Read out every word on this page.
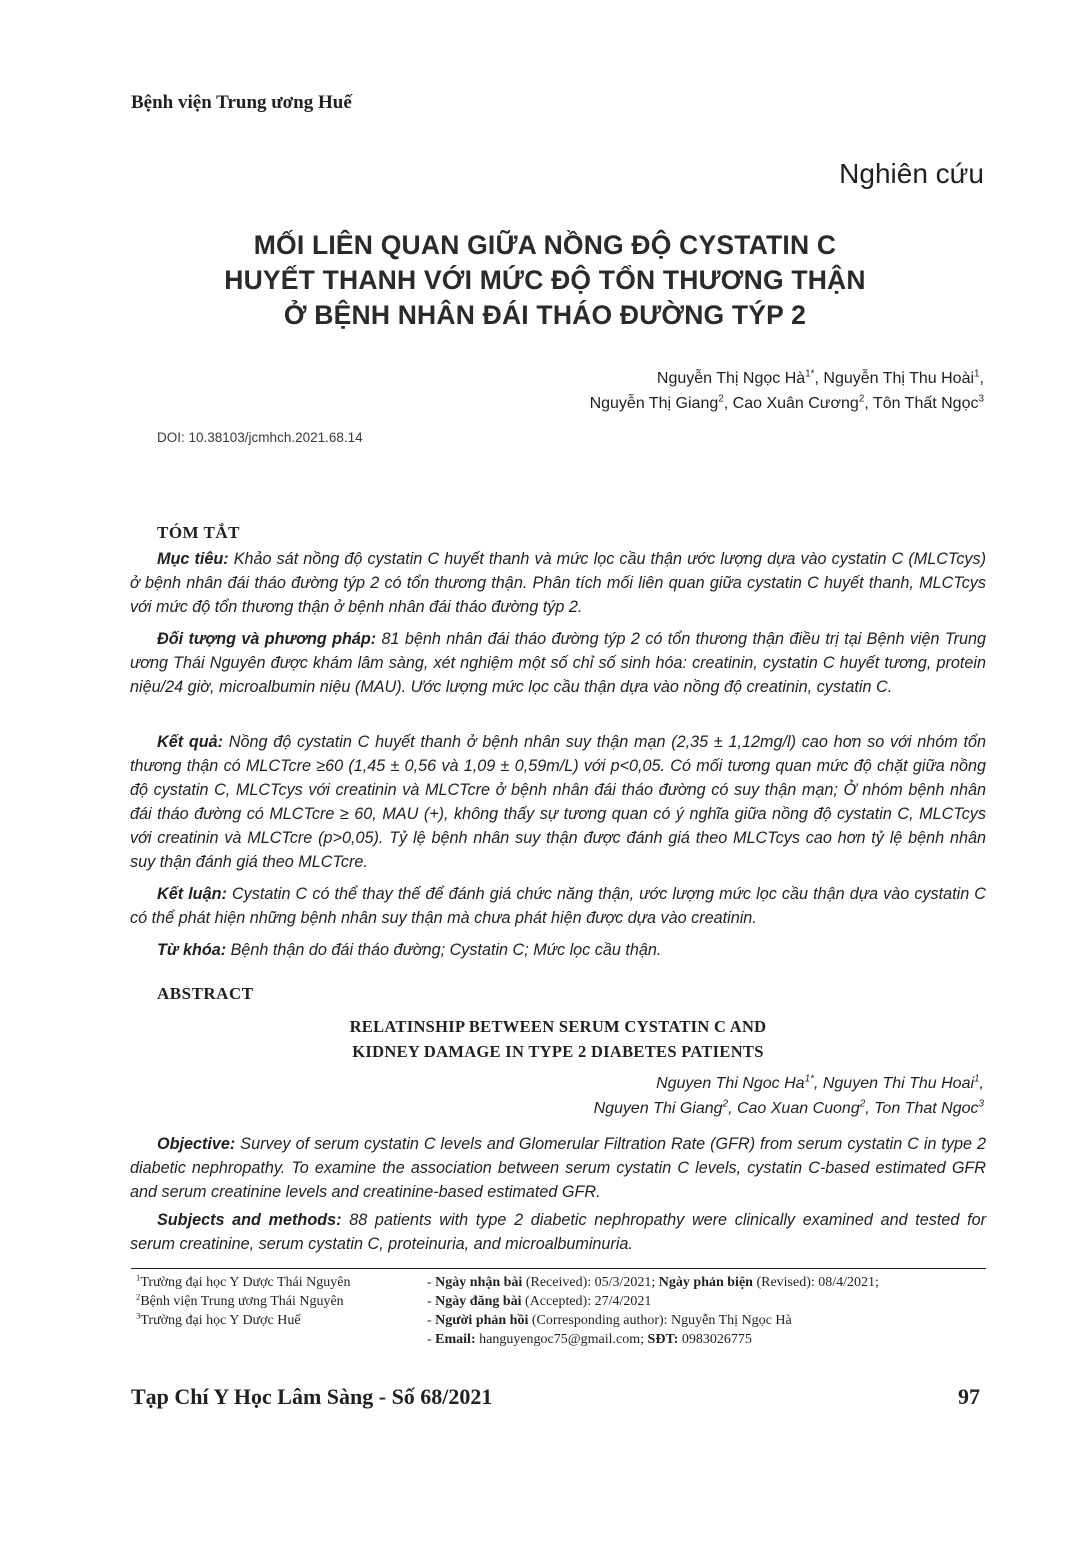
Bệnh viện Trung ương Huế
Nghiên cứu
MỐI LIÊN QUAN GIỮA NỒNG ĐỘ CYSTATIN C
HUYẾT THANH VỚI MỨC ĐỘ TỔN THƯƠNG THẬN
Ở BỆNH NHÂN ĐÁI THÁO ĐƯỜNG TÝP 2
Nguyễn Thị Ngọc $Hà^{1*}$, Nguyễn Thị Thu Hoài$^1$,
Nguyễn Thị Giang$^2$, Cao Xuân Cương$^2$, Tôn Thất Ngọc$^3$
DOI: 10.38103/jcmhch.2021.68.14
TÓM TẮT
Mục tiêu: Khảo sát nồng độ cystatin C huyết thanh và mức lọc cầu thận ước lượng dựa vào cystatin C (MLCTcys) ở bệnh nhân đái tháo đường týp 2 có tổn thương thận. Phân tích mối liên quan giữa cystatin C huyết thanh, MLCTcys với mức độ tổn thương thận ở bệnh nhân đái tháo đường týp 2.
Đối tượng và phương pháp: 81 bệnh nhân đái tháo đường týp 2 có tổn thương thận điều trị tại Bệnh viện Trung ương Thái Nguyên được khám lâm sàng, xét nghiệm một số chỉ số sinh hóa: creatinin, cystatin C huyết tương, protein niệu/24 giờ, microalbumin niệu (MAU). Ước lượng mức lọc cầu thận dựa vào nồng độ creatinin, cystatin C.
Kết quả: Nồng độ cystatin C huyết thanh ở bệnh nhân suy thận mạn (2,35 ± 1,12mg/l) cao hơn so với nhóm tổn thương thận có MLCTcre ≥60 (1,45 ± 0,56 và 1,09 ± 0,59m/L) với p<0,05. Có mối tương quan mức độ chặt giữa nồng độ cystatin C, MLCTcys với creatinin và MLCTcre ở bệnh nhân đái tháo đường có suy thận mạn; Ở nhóm bệnh nhân đái tháo đường có MLCTcre ≥ 60, MAU (+), không thấy sự tương quan có ý nghĩa giữa nồng độ cystatin C, MLCTcys với creatinin và MLCTcre (p>0,05). Tỷ lệ bệnh nhân suy thận được đánh giá theo MLCTcys cao hơn tỷ lệ bệnh nhân suy thận đánh giá theo MLCTcre.
Kết luận: Cystatin C có thể thay thế để đánh giá chức năng thận, ước lượng mức lọc cầu thận dựa vào cystatin C có thể phát hiện những bệnh nhân suy thận mà chưa phát hiện được dựa vào creatinin.
Từ khóa: Bệnh thận do đái tháo đường; Cystatin C; Mức lọc cầu thận.
ABSTRACT
RELATINSHIP BETWEEN SERUM CYSTATIN C AND
KIDNEY DAMAGE IN TYPE 2 DIABETES PATIENTS
Nguyen Thi Ngoc $Ha^{1*}$, Nguyen Thi Thu Hoai$^1$,
Nguyen Thi Giang$^2$, Cao Xuan Cuong$^2$, Ton That Ngoc$^3$
Objective: Survey of serum cystatin C levels and Glomerular Filtration Rate (GFR) from serum cystatin C in type 2 diabetic nephropathy. To examine the association between serum cystatin C levels, cystatin C-based estimated GFR and serum creatinine levels and creatinine-based estimated GFR.
Subjects and methods: 88 patients with type 2 diabetic nephropathy were clinically examined and tested for serum creatinine, serum cystatin C, proteinuria, and microalbuminuria.
$^1$Trường đại học Y Dược Thái Nguyên
$^2$Bệnh viện Trung ương Thái Nguyên
$^3$Trường đại học Y Dược Huế
- Ngày nhận bài (Received): 05/3/2021; Ngày phản biện (Revised): 08/4/2021;
- Ngày đăng bài (Accepted): 27/4/2021
- Người phản hồi (Corresponding author): Nguyễn Thị Ngọc Hà
- Email: hanguyengoc75@gmail.com; SĐT: 0983026775
Tạp Chí Y Học Lâm Sàng - Số 68/2021	97
